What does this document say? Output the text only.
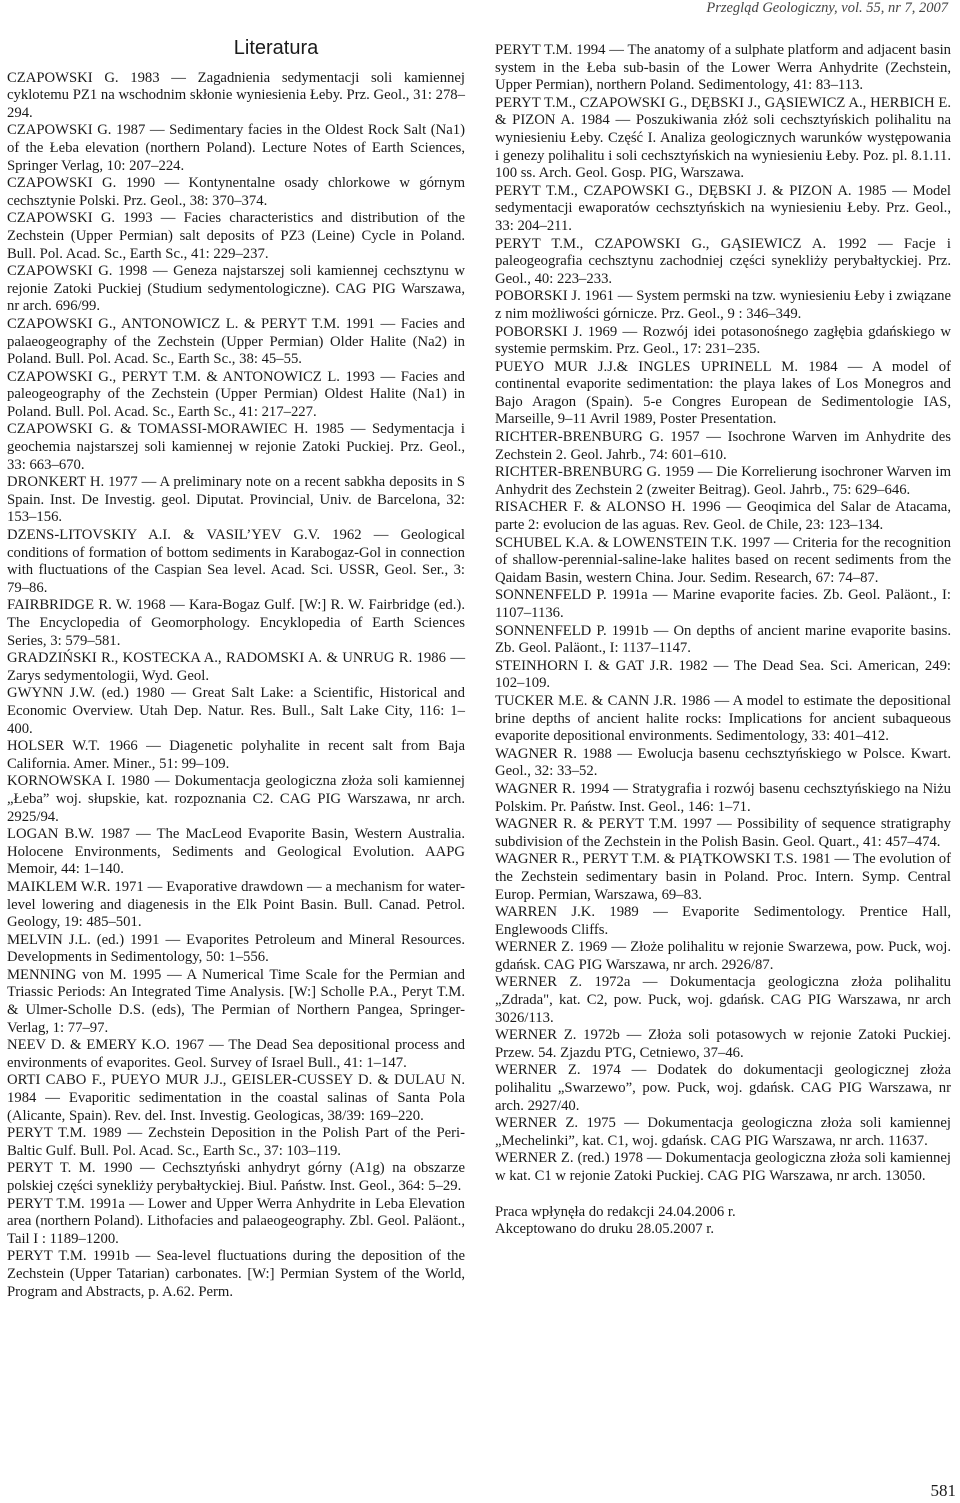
Przegląd Geologiczny, vol. 55, nr 7, 2007
Literatura
CZAPOWSKI G. 1983 — Zagadnienia sedymentacji soli kamiennej cyklotemu PZ1 na wschodnim skłonie wyniesienia Łeby. Prz. Geol., 31: 278–294.
CZAPOWSKI G. 1987 — Sedimentary facies in the Oldest Rock Salt (Na1) of the Łeba elevation (northern Poland). Lecture Notes of Earth Sciences, Springer Verlag, 10: 207–224.
CZAPOWSKI G. 1990 — Kontynentalne osady chlorkowe w górnym cechsztynie Polski. Prz. Geol., 38: 370–374.
CZAPOWSKI G. 1993 — Facies characteristics and distribution of the Zechstein (Upper Permian) salt deposits of PZ3 (Leine) Cycle in Poland. Bull. Pol. Acad. Sc., Earth Sc., 41: 229–237.
CZAPOWSKI G. 1998 — Geneza najstarszej soli kamiennej cechsztynu w rejonie Zatoki Puckiej (Studium sedymentologiczne). CAG PIG Warszawa, nr arch. 696/99.
CZAPOWSKI G., ANTONOWICZ L. & PERYT T.M. 1991 — Facies and palaeogeography of the Zechstein (Upper Permian) Older Halite (Na2) in Poland. Bull. Pol. Acad. Sc., Earth Sc., 38: 45–55.
CZAPOWSKI G., PERYT T.M. & ANTONOWICZ L. 1993 — Facies and paleogeography of the Zechstein (Upper Permian) Oldest Halite (Na1) in Poland. Bull. Pol. Acad. Sc., Earth Sc., 41: 217–227.
CZAPOWSKI G. & TOMASSI-MORAWIEC H. 1985 — Sedymentacja i geochemia najstarszej soli kamiennej w rejonie Zatoki Puckiej. Prz. Geol., 33: 663–670.
DRONKERT H. 1977 — A preliminary note on a recent sabkha deposits in S Spain. Inst. De Investig. geol. Diputat. Provincial, Univ. de Barcelona, 32: 153–156.
DZENS-LITOVSKIY A.I. & VASIL’YEV G.V. 1962 — Geological conditions of formation of bottom sediments in Karabogaz-Gol in connection with fluctuations of the Caspian Sea level. Acad. Sci. USSR, Geol. Ser., 3: 79–86.
FAIRBRIDGE R. W. 1968 — Kara-Bogaz Gulf. [W:] R. W. Fairbridge (ed.). The Encyclopedia of Geomorphology. Encyklopedia of Earth Sciences Series, 3: 579–581.
GRADZIŃSKI R., KOSTECKA A., RADOMSKI A. & UNRUG R. 1986 — Zarys sedymentologii, Wyd. Geol.
GWYNN J.W. (ed.) 1980 — Great Salt Lake: a Scientific, Historical and Economic Overview. Utah Dep. Natur. Res. Bull., Salt Lake City, 116: 1–400.
HOLSER W.T. 1966 — Diagenetic polyhalite in recent salt from Baja California. Amer. Miner., 51: 99–109.
KORNOWSKA I. 1980 — Dokumentacja geologiczna złoża soli kamiennej „Łeba” woj. słupskie, kat. rozpoznania C2. CAG PIG Warszawa, nr arch. 2925/94.
LOGAN B.W. 1987 — The MacLeod Evaporite Basin, Western Australia. Holocene Environments, Sediments and Geological Evolution. AAPG Memoir, 44: 1–140.
MAIKLEM W.R. 1971 — Evaporative drawdown — a mechanism for water-level lowering and diagenesis in the Elk Point Basin. Bull. Canad. Petrol. Geology, 19: 485–501.
MELVIN J.L. (ed.) 1991 — Evaporites Petroleum and Mineral Resources. Developments in Sedimentology, 50: 1–556.
MENNING von M. 1995 — A Numerical Time Scale for the Permian and Triassic Periods: An Integrated Time Analysis. [W:] Scholle P.A., Peryt T.M. & Ulmer-Scholle D.S. (eds), The Permian of Northern Pangea, Springer-Verlag, 1: 77–97.
NEEV D. & EMERY K.O. 1967 — The Dead Sea depositional process and environments of evaporites. Geol. Survey of Israel Bull., 41: 1–147.
ORTI CABO F., PUEYO MUR J.J., GEISLER-CUSSEY D. & DULAU N. 1984 — Evaporitic sedimentation in the coastal salinas of Santa Pola (Alicante, Spain). Rev. del. Inst. Investig. Geologicas, 38/39: 169–220.
PERYT T.M. 1989 — Zechstein Deposition in the Polish Part of the Peri-Baltic Gulf. Bull. Pol. Acad. Sc., Earth Sc., 37: 103–119.
PERYT T. M. 1990 — Cechsztyński anhydryt górny (A1g) na obszarze polskiej części synekliży perybałtyckiej. Biul. Państw. Inst. Geol., 364: 5–29.
PERYT T.M. 1991a — Lower and Upper Werra Anhydrite in Leba Elevation area (northern Poland). Lithofacies and palaeogeography. Zbl. Geol. Paläont., Tail I : 1189–1200.
PERYT T.M. 1991b — Sea-level fluctuations during the deposition of the Zechstein (Upper Tatarian) carbonates. [W:] Permian System of the World, Program and Abstracts, p. A.62. Perm.
PERYT T.M. 1994 — The anatomy of a sulphate platform and adjacent basin system in the Łeba sub-basin of the Lower Werra Anhydrite (Zechstein, Upper Permian), northern Poland. Sedimentology, 41: 83–113.
PERYT T.M., CZAPOWSKI G., DĘBSKI J., GĄSIEWICZ A., HERBICH E. & PIZON A. 1984 — Poszukiwania złóż soli cechsztyńskich polihalitu na wyniesieniu Łeby. Część I. Analiza geologicznych warunków występowania i genezy polihalitu i soli cechsztyńskich na wyniesieniu Łeby. Poz. pl. 8.1.11. 100 ss. Arch. Geol. Gosp. PIG, Warszawa.
PERYT T.M., CZAPOWSKI G., DĘBSKI J. & PIZON A. 1985 — Model sedymentacji ewaporatów cechsztyńskich na wyniesieniu Łeby. Prz. Geol., 33: 204–211.
PERYT T.M., CZAPOWSKI G., GĄSIEWICZ A. 1992 — Facje i paleogeografia cechsztynu zachodniej części synekliży perybałtyckiej. Prz. Geol., 40: 223–233.
POBORSKI J. 1961 — System permski na tzw. wyniesieniu Łeby i związane z nim możliwości górnicze. Prz. Geol., 9 : 346–349.
POBORSKI J. 1969 — Rozwój idei potasonośnego zagłębia gdańskiego w systemie permskim. Prz. Geol., 17: 231–235.
PUEYO MUR J.J.& INGLES UPRINELL M. 1984 — A model of continental evaporite sedimentation: the playa lakes of Los Monegros and Bajo Aragon (Spain). 5-e Congres European de Sedimentologie IAS, Marseille, 9–11 Avril 1989, Poster Presentation.
RICHTER-BRENBURG G. 1957 — Isochrone Warven im Anhydrite des Zechstein 2. Geol. Jahrb., 74: 601–610.
RICHTER-BRENBURG G. 1959 — Die Korrelierung isochroner Warven im Anhydrit des Zechstein 2 (zweiter Beitrag). Geol. Jahrb., 75: 629–646.
RISACHER F. & ALONSO H. 1996 — Geoqimica del Salar de Atacama, parte 2: evolucion de las aguas. Rev. Geol. de Chile, 23: 123–134.
SCHUBEL K.A. & LOWENSTEIN T.K. 1997 — Criteria for the recognition of shallow-perennial-saline-lake halites based on recent sediments from the Qaidam Basin, western China. Jour. Sedim. Research, 67: 74–87.
SONNENFELD P. 1991a — Marine evaporite facies. Zb. Geol. Paläont., I: 1107–1136.
SONNENFELD P. 1991b — On depths of ancient marine evaporite basins. Zb. Geol. Paläont., I: 1137–1147.
STEINHORN I. & GAT J.R. 1982 — The Dead Sea. Sci. American, 249: 102–109.
TUCKER M.E. & CANN J.R. 1986 — A model to estimate the depositional brine depths of ancient halite rocks: Implications for ancient subaqueous evaporite depositional environments. Sedimentology, 33: 401–412.
WAGNER R. 1988 — Ewolucja basenu cechsztyńskiego w Polsce. Kwart. Geol., 32: 33–52.
WAGNER R. 1994 — Stratygrafia i rozwój basenu cechsztyńskiego na Niżu Polskim. Pr. Państw. Inst. Geol., 146: 1–71.
WAGNER R. & PERYT T.M. 1997 — Possibility of sequence stratigraphy subdivision of the Zechstein in the Polish Basin. Geol. Quart., 41: 457–474.
WAGNER R., PERYT T.M. & PIĄTKOWSKI T.S. 1981 — The evolution of the Zechstein sedimentary basin in Poland. Proc. Intern. Symp. Central Europ. Permian, Warszawa, 69–83.
WARREN J.K. 1989 — Evaporite Sedimentology. Prentice Hall, Englewoods Cliffs.
WERNER Z. 1969 — Złoże polihalitu w rejonie Swarzewa, pow. Puck, woj. gdańsk. CAG PIG Warszawa, nr arch. 2926/87.
WERNER Z. 1972a — Dokumentacja geologiczna złoża polihalitu „Zdrada", kat. C2, pow. Puck, woj. gdańsk. CAG PIG Warszawa, nr arch 3026/113.
WERNER Z. 1972b — Złoża soli potasowych w rejonie Zatoki Puckiej. Przew. 54. Zjazdu PTG, Cetniewo, 37–46.
WERNER Z. 1974 — Dodatek do dokumentacji geologicznej złoża polihalitu „Swarzewo”, pow. Puck, woj. gdańsk. CAG PIG Warszawa, nr arch. 2927/40.
WERNER Z. 1975 — Dokumentacja geologiczna złoża soli kamiennej „Mechelinki”, kat. C1, woj. gdańsk. CAG PIG Warszawa, nr arch. 11637.
WERNER Z. (red.) 1978 — Dokumentacja geologiczna złoża soli kamiennej w kat. C1 w rejonie Zatoki Puckiej. CAG PIG Warszawa, nr arch. 13050.
Praca wpłynęła do redakcji 24.04.2006 r.
Akceptowano do druku 28.05.2007 r.
581
